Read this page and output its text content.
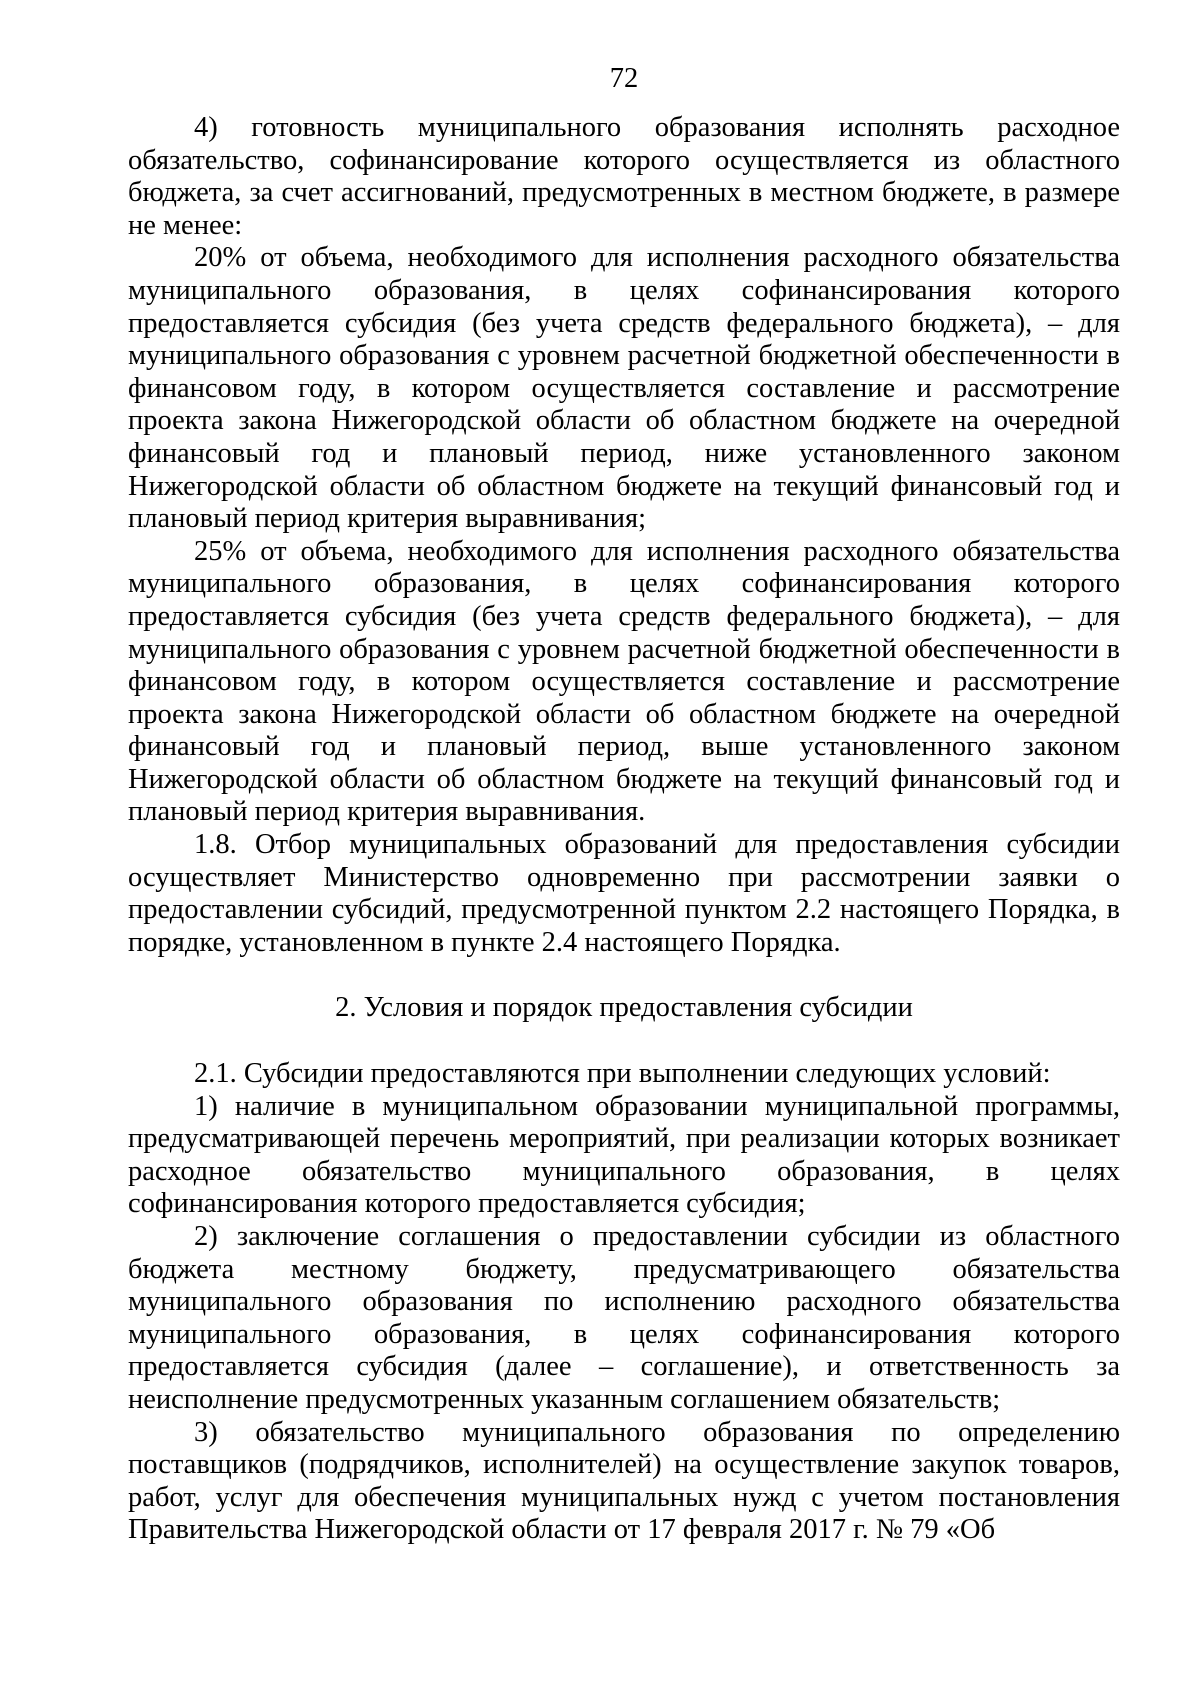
72

4) готовность муниципального образования исполнять расходное обязательство, софинансирование которого осуществляется из областного бюджета, за счет ассигнований, предусмотренных в местном бюджете, в размере не менее:

20% от объема, необходимого для исполнения расходного обязательства муниципального образования, в целях софинансирования которого предоставляется субсидия (без учета средств федерального бюджета), – для муниципального образования с уровнем расчетной бюджетной обеспеченности в финансовом году, в котором осуществляется составление и рассмотрение проекта закона Нижегородской области об областном бюджете на очередной финансовый год и плановый период, ниже установленного законом Нижегородской области об областном бюджете на текущий финансовый год и плановый период критерия выравнивания;

25% от объема, необходимого для исполнения расходного обязательства муниципального образования, в целях софинансирования которого предоставляется субсидия (без учета средств федерального бюджета), – для муниципального образования с уровнем расчетной бюджетной обеспеченности в финансовом году, в котором осуществляется составление и рассмотрение проекта закона Нижегородской области об областном бюджете на очередной финансовый год и плановый период, выше установленного законом Нижегородской области об областном бюджете на текущий финансовый год и плановый период критерия выравнивания.

1.8. Отбор муниципальных образований для предоставления субсидии осуществляет Министерство одновременно при рассмотрении заявки о предоставлении субсидий, предусмотренной пунктом 2.2 настоящего Порядка, в порядке, установленном в пункте 2.4 настоящего Порядка.

2. Условия и порядок предоставления субсидии

2.1. Субсидии предоставляются при выполнении следующих условий:

1) наличие в муниципальном образовании муниципальной программы, предусматривающей перечень мероприятий, при реализации которых возникает расходное обязательство муниципального образования, в целях софинансирования которого предоставляется субсидия;

2) заключение соглашения о предоставлении субсидии из областного бюджета местному бюджету, предусматривающего обязательства муниципального образования по исполнению расходного обязательства муниципального образования, в целях софинансирования которого предоставляется субсидия (далее – соглашение), и ответственность за неисполнение предусмотренных указанным соглашением обязательств;

3) обязательство муниципального образования по определению поставщиков (подрядчиков, исполнителей) на осуществление закупок товаров, работ, услуг для обеспечения муниципальных нужд с учетом постановления Правительства Нижегородской области от 17 февраля 2017 г. № 79 «Об
